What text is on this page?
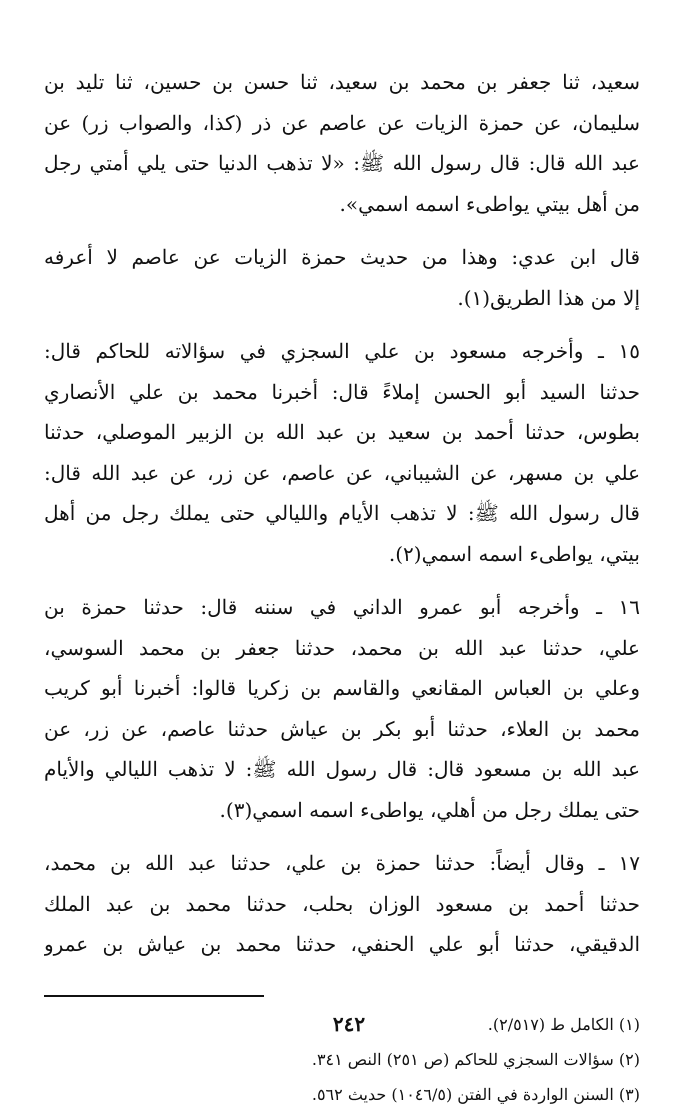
سعيد، ثنا جعفر بن محمد بن سعيد، ثنا حسن بن حسين، ثنا تليد بن
سليمان، عن حمزة الزيات عن عاصم عن ذر (كذا، والصواب زر) عن
عبد الله قال: قال رسول الله ﷺ: «لا تذهب الدنيا حتى يلي أمتي رجل
من أهل بيتي يواطىء اسمه اسمي».
قال ابن عدي: وهذا من حديث حمزة الزيات عن عاصم لا أعرفه
إلا من هذا الطريق(١).
١٥ ـ وأخرجه مسعود بن علي السجزي في سؤالاته للحاكم قال:
حدثنا السيد أبو الحسن إملاءً قال: أخبرنا محمد بن علي الأنصاري
بطوس، حدثنا أحمد بن سعيد بن عبد الله بن الزبير الموصلي، حدثنا
علي بن مسهر، عن الشيباني، عن عاصم، عن زر، عن عبد الله قال:
قال رسول الله ﷺ: لا تذهب الأيام والليالي حتى يملك رجل من أهل
بيتي، يواطىء اسمه اسمي(٢).
١٦ ـ وأخرجه أبو عمرو الداني في سننه قال: حدثنا حمزة بن
علي، حدثنا عبد الله بن محمد، حدثنا جعفر بن محمد السوسي،
وعلي بن العباس المقانعي والقاسم بن زكريا قالوا: أخبرنا أبو كريب
محمد بن العلاء، حدثنا أبو بكر بن عياش حدثنا عاصم، عن زر، عن
عبد الله بن مسعود قال: قال رسول الله ﷺ: لا تذهب الليالي والأيام
حتى يملك رجل من أهلي، يواطىء اسمه اسمي(٣).
١٧ ـ وقال أيضاً: حدثنا حمزة بن علي، حدثنا عبد الله بن محمد،
حدثنا أحمد بن مسعود الوزان بحلب، حدثنا محمد بن عبد الملك
الدقيقي، حدثنا أبو علي الحنفي، حدثنا محمد بن عياش بن عمرو
(١) الكامل ط (٢/٥١٧).
(٢) سؤالات السجزي للحاكم (ص ٢٥١) النص ٣٤١.
(٣) السنن الواردة في الفتن (١٠٤٦/٥) حديث ٥٦٢.
٢٤٢
